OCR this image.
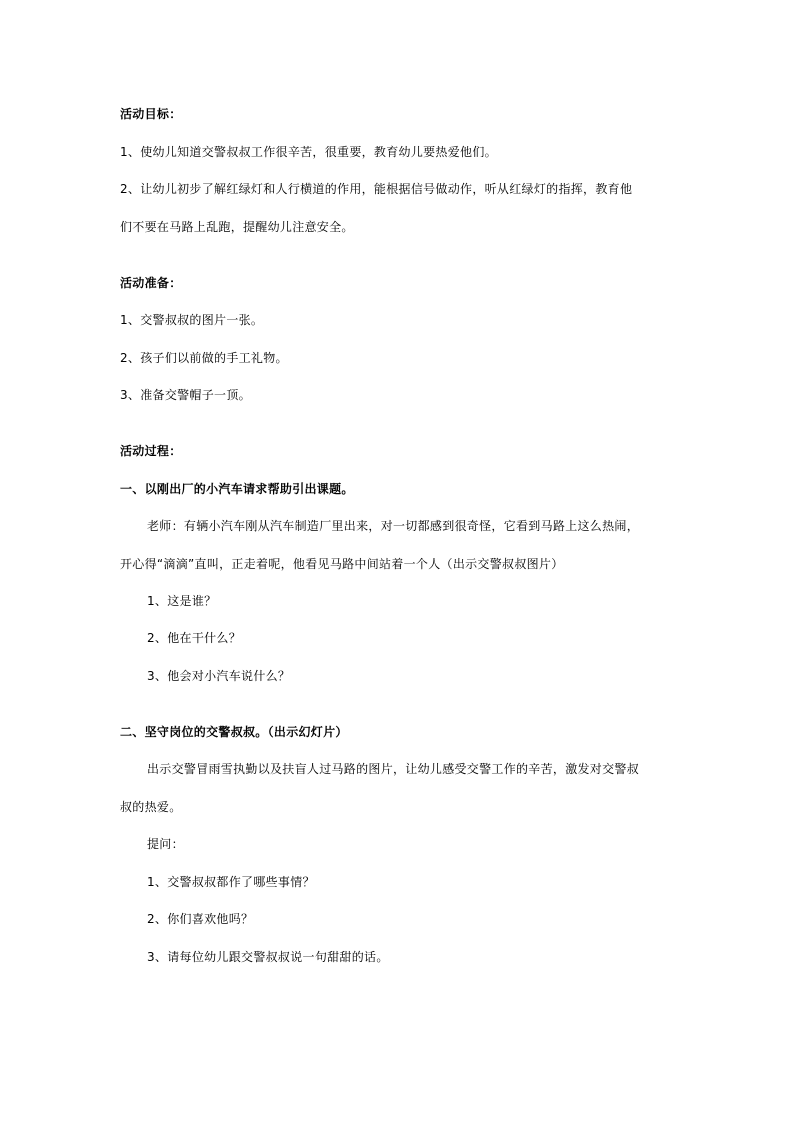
活动目标：
1、使幼儿知道交警叔叔工作很辛苦，很重要，教育幼儿要热爱他们。
2、让幼儿初步了解红绿灯和人行横道的作用，能根据信号做动作，听从红绿灯的指挥，教育他
们不要在马路上乱跑，提醒幼儿注意安全。
活动准备：
1、交警叔叔的图片一张。
2、孩子们以前做的手工礼物。
3、准备交警帽子一顶。
活动过程：
一、以刚出厂的小汽车请求帮助引出课题。
老师：有辆小汽车刚从汽车制造厂里出来，对一切都感到很奇怪，它看到马路上这么热闹，
开心得“滴滴”直叫，正走着呢，他看见马路中间站着一个人（出示交警叔叔图片）
1、这是谁？
2、他在干什么？
3、他会对小汽车说什么？
二、坚守岗位的交警叔叔。（出示幻灯片）
出示交警冒雨雪执勤以及扶盲人过马路的图片，让幼儿感受交警工作的辛苦，激发对交警叔
叔的热爱。
提问：
1、交警叔叔都作了哪些事情？
2、你们喜欢他吗？
3、请每位幼儿跟交警叔叔说一句甜甜的话。
